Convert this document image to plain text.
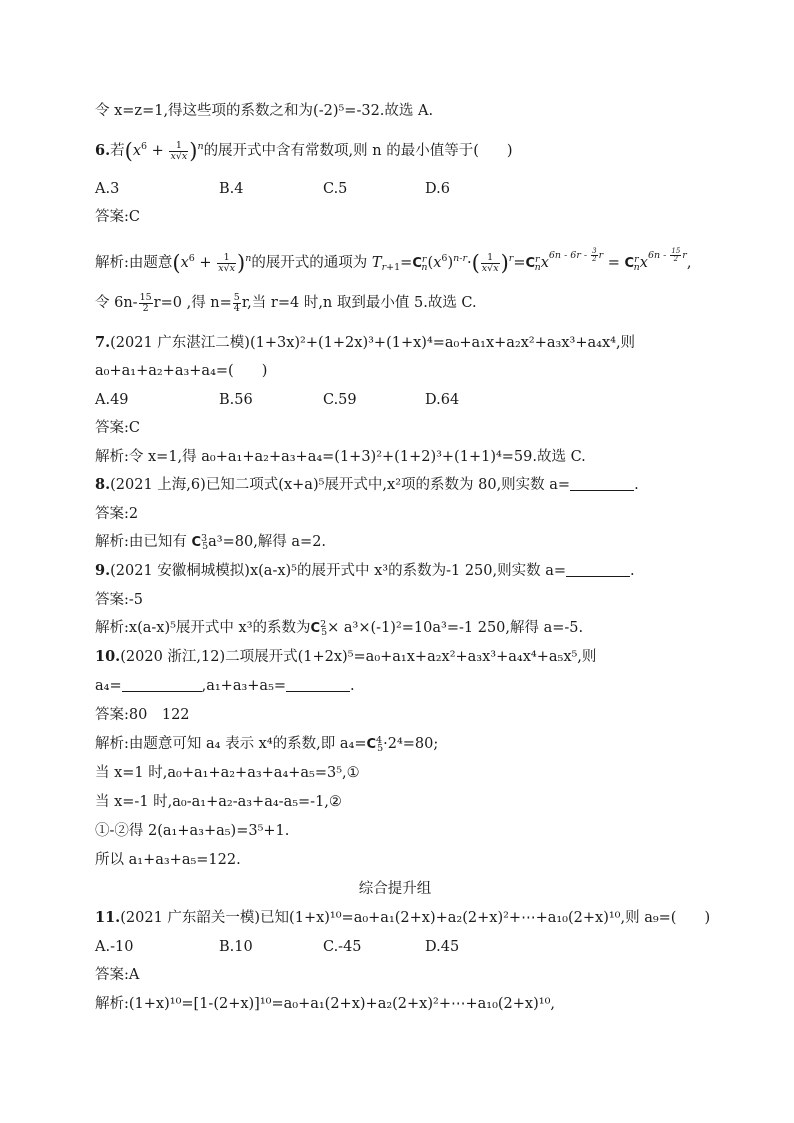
令 x=z=1,得这些项的系数之和为(-2)⁵=-32.故选 A.
6.若$(x^6 + \frac{1}{x√x} )^n$的展开式中含有常数项,则 n 的最小值等于( )
A.3	B.4	C.5	D.6
答案:C
解析:由题意$(x^6 + \frac{1}{x√x} )^n$的展开式的通项为 $T_{r+1}=C^r_n(x^6)^{n-r}\cdot( \frac{1}{x√x} )^r=C^r_nx^{6n - 6r - \frac{3}{2} r} = C^r_nx^{6n - \frac{15}{2} r}$,
令 $6n- \frac{15}{2} r=0$ ,得 $n= \frac{5}{4} r$,当 r=4 时,n 取到最小值 5.故选 C.
7.(2021 广东湛江二模)(1+3x)²+(1+2x)³+(1+x)⁴=a₀+a₁x+a₂x²+a₃x³+a₄x⁴,则
a₀+a₁+a₂+a₃+a₄=( )
A.49	B.56	C.59	D.64
答案:C
解析:令 x=1,得 a₀+a₁+a₂+a₃+a₄=(1+3)²+(1+2)³+(1+1)⁴=59.故选 C.
8.(2021 上海,6)已知二项式(x+a)⁵展开式中,x²项的系数为 80,则实数 a=	.
答案:2
解析:由已知有 $C^3_5a^3=80$,解得 a=2.
9.(2021 安徽桐城模拟)x(a-x)⁵的展开式中 x³的系数为-1 250,则实数 a=	.
答案:-5
解析:x(a-x)⁵展开式中 x³的系数为$C^2_5\times a^3\times(-1)^2=10a^3=-1$ 250,解得 a=-5.
10.(2020 浙江,12)二项展开式(1+2x)⁵=a₀+a₁x+a₂x²+a₃x³+a₄x⁴+a₅x⁵,则
a₄=	,a₁+a₃+a₅=	.
答案:80　122
解析:由题意可知 a₄ 表示 x⁴的系数,即 $a_4=C^4_5\cdot 2^4=80$;
当 x=1 时,a₀+a₁+a₂+a₃+a₄+a₅=3⁵,①
当 x=-1 时,a₀-a₁+a₂-a₃+a₄-a₅=-1,②
①-②得 2(a₁+a₃+a₅)=3⁵+1.
所以 a₁+a₃+a₅=122.
综合提升组
11.(2021 广东韶关一模)已知(1+x)¹⁰=a₀+a₁(2+x)+a₂(2+x)²+⋯+a₁₀(2+x)¹⁰,则 a₉=( )
A.-10	B.10	C.-45	D.45
答案:A
解析:(1+x)¹⁰=[1-(2+x)]¹⁰=a₀+a₁(2+x)+a₂(2+x)²+⋯+a₁₀(2+x)¹⁰,
